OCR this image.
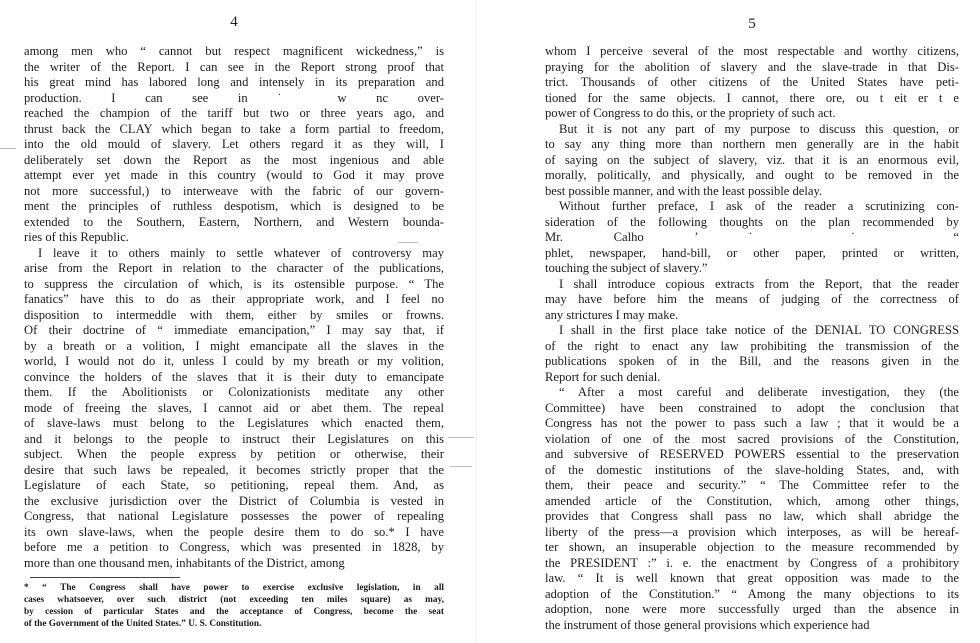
4
among men who “ cannot but respect magnificent wickedness,” is
the writer of the Report. I can see in the Report strong proof that
his great mind has labored long and intensely in its preparation and
production. I can see in ˙ w nc over-
reached the champion of the tariff but two or three years ago, and
thrust back the CLAY which began to take a form partial to freedom,
into the old mould of slavery. Let others regard it as they will, I
deliberately set down the Report as the most ingenious and able
attempt ever yet made in this country (would to God it may prove
not more successful,) to interweave with the fabric of our govern-
ment the principles of ruthless despotism, which is designed to be
extended to the Southern, Eastern, Northern, and Western bounda-
ries of this Republic.
I leave it to others mainly to settle whatever of controversy may
arise from the Report in relation to the character of the publications,
to suppress the circulation of which, is its ostensible purpose. “ The
fanatics” have this to do as their appropriate work, and I feel no
disposition to intermeddle with them, either by smiles or frowns.
Of their doctrine of “ immediate emancipation,” I may say that, if
by a breath or a volition, I might emancipate all the slaves in the
world, I would not do it, unless I could by my breath or my volition,
convince the holders of the slaves that it is their duty to emancipate
them. If the Abolitionists or Colonizationists meditate any other
mode of freeing the slaves, I cannot aid or abet them. The repeal
of slave-laws must belong to the Legislatures which enacted them,
and it belongs to the people to instruct their Legislatures on this
subject. When the people express by petition or otherwise, their
desire that such laws be repealed, it becomes strictly proper that the
Legislature of each State, so petitioning, repeal them. And, as
the exclusive jurisdiction over the District of Columbia is vested in
Congress, that national Legislature possesses the power of repealing
its own slave-laws, when the people desire them to do so.* I have
before me a petition to Congress, which was presented in 1828, by
more than one thousand men, inhabitants of the District, among
* “ The Congress shall have power to exercise exclusive legislation, in all
cases whatsoever, over such district (not exceeding ten miles square) as may,
by cession of particular States and the acceptance of Congress, become the seat
of the Government of the United States.” U. S. Constitution.
5
whom I perceive several of the most respectable and worthy citizens,
praying for the abolition of slavery and the slave-trade in that Dis-
trict. Thousands of other citizens of the United States have peti-
tioned for the same objects. I cannot, there ore, ou t eit er t e
power of Congress to do this, or the propriety of such act.
But it is not any part of my purpose to discuss this question, or
to say any thing more than northern men generally are in the habit
of saying on the subject of slavery, viz. that it is an enormous evil,
morally, politically, and physically, and ought to be removed in the
best possible manner, and with the least possible delay.
Without further preface, I ask of the reader a scrutinizing con-
sideration of the following thoughts on the plan recommended by
Mr. Calho ’ ˙ ˙ “
phlet, newspaper, hand-bill, or other paper, printed or written,
touching the subject of slavery.”
I shall introduce copious extracts from the Report, that the reader
may have before him the means of judging of the correctness of
any strictures I may make.
I shall in the first place take notice of the DENIAL TO CONGRESS
of the right to enact any law prohibiting the transmission of the
publications spoken of in the Bill, and the reasons given in the
Report for such denial.
“ After a most careful and deliberate investigation, they (the
Committee) have been constrained to adopt the conclusion that
Congress has not the power to pass such a law ; that it would be a
violation of one of the most sacred provisions of the Constitution,
and subversive of RESERVED POWERS essential to the preservation
of the domestic institutions of the slave-holding States, and, with
them, their peace and security.” “ The Committee refer to the
amended article of the Constitution, which, among other things,
provides that Congress shall pass no law, which shall abridge the
liberty of the press—a provision which interposes, as will be hereaf-
ter shown, an insuperable objection to the measure recommended by
the PRESIDENT :” i. e. the enactment by Congress of a prohibitory
law. “ It is well known that great opposition was made to the
adoption of the Constitution.” “ Among the many objections to its
adoption, none were more successfully urged than the absence in
the instrument of those general provisions which experience had
